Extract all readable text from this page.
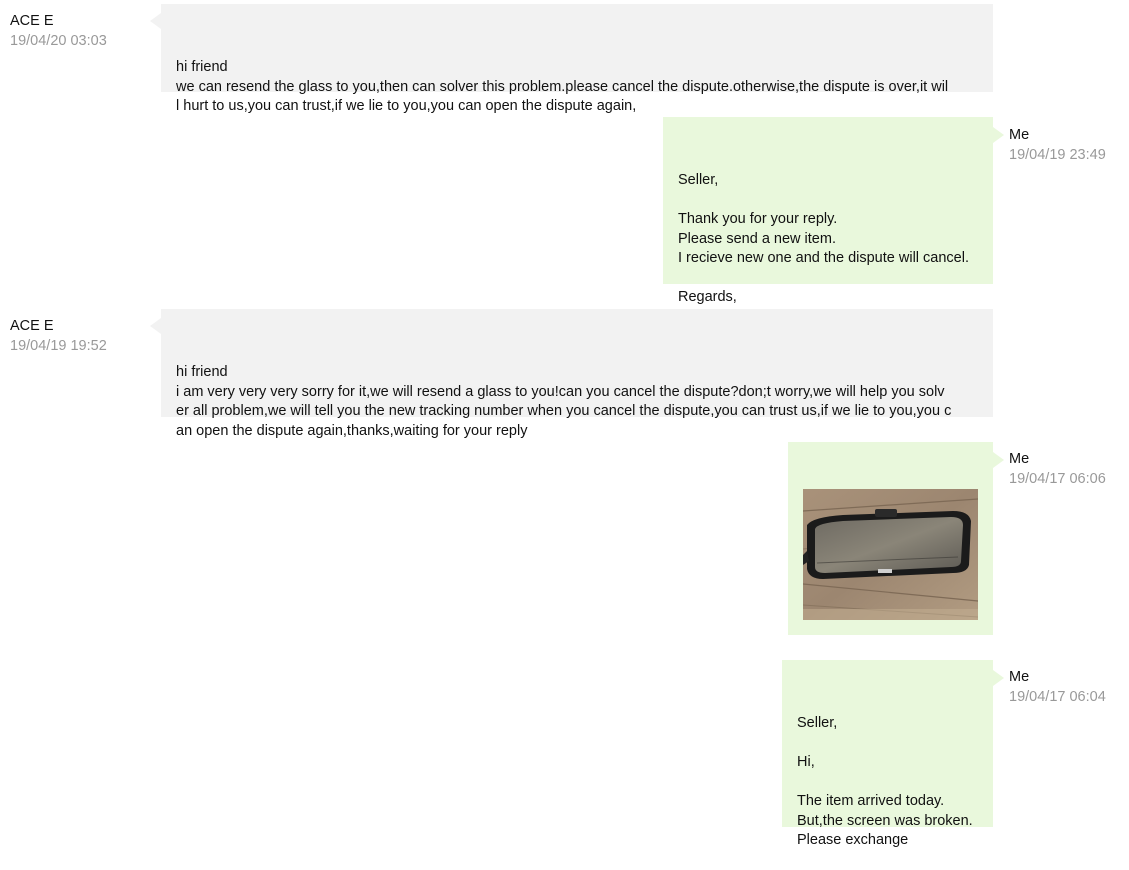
ACE E
19/04/20 03:03

hi friend
we can resend the glass to you,then can solver this problem.please cancel the dispute.otherwise,the dispute is over,it wil
l hurt to us,you can trust,if we lie to you,you can open the dispute again,

Seller,

Thank you for your reply.
Please send a new item.
I recieve new one and the dispute will cancel.

Regards,

Me
19/04/19 23:49
ACE E
19/04/19 19:52

hi friend
i am very very very sorry for it,we will resend a glass to you!can you cancel the dispute?don;t worry,we will help you solv
er all problem,we will tell you the new tracking number when you cancel the dispute,you can trust us,if we lie to you,you c
an open the dispute again,thanks,waiting for your reply

Me
19/04/17 06:06

Seller,

Hi,

The item arrived today.
But,the screen was broken.
Please exchange

Me
19/04/17 06:04
